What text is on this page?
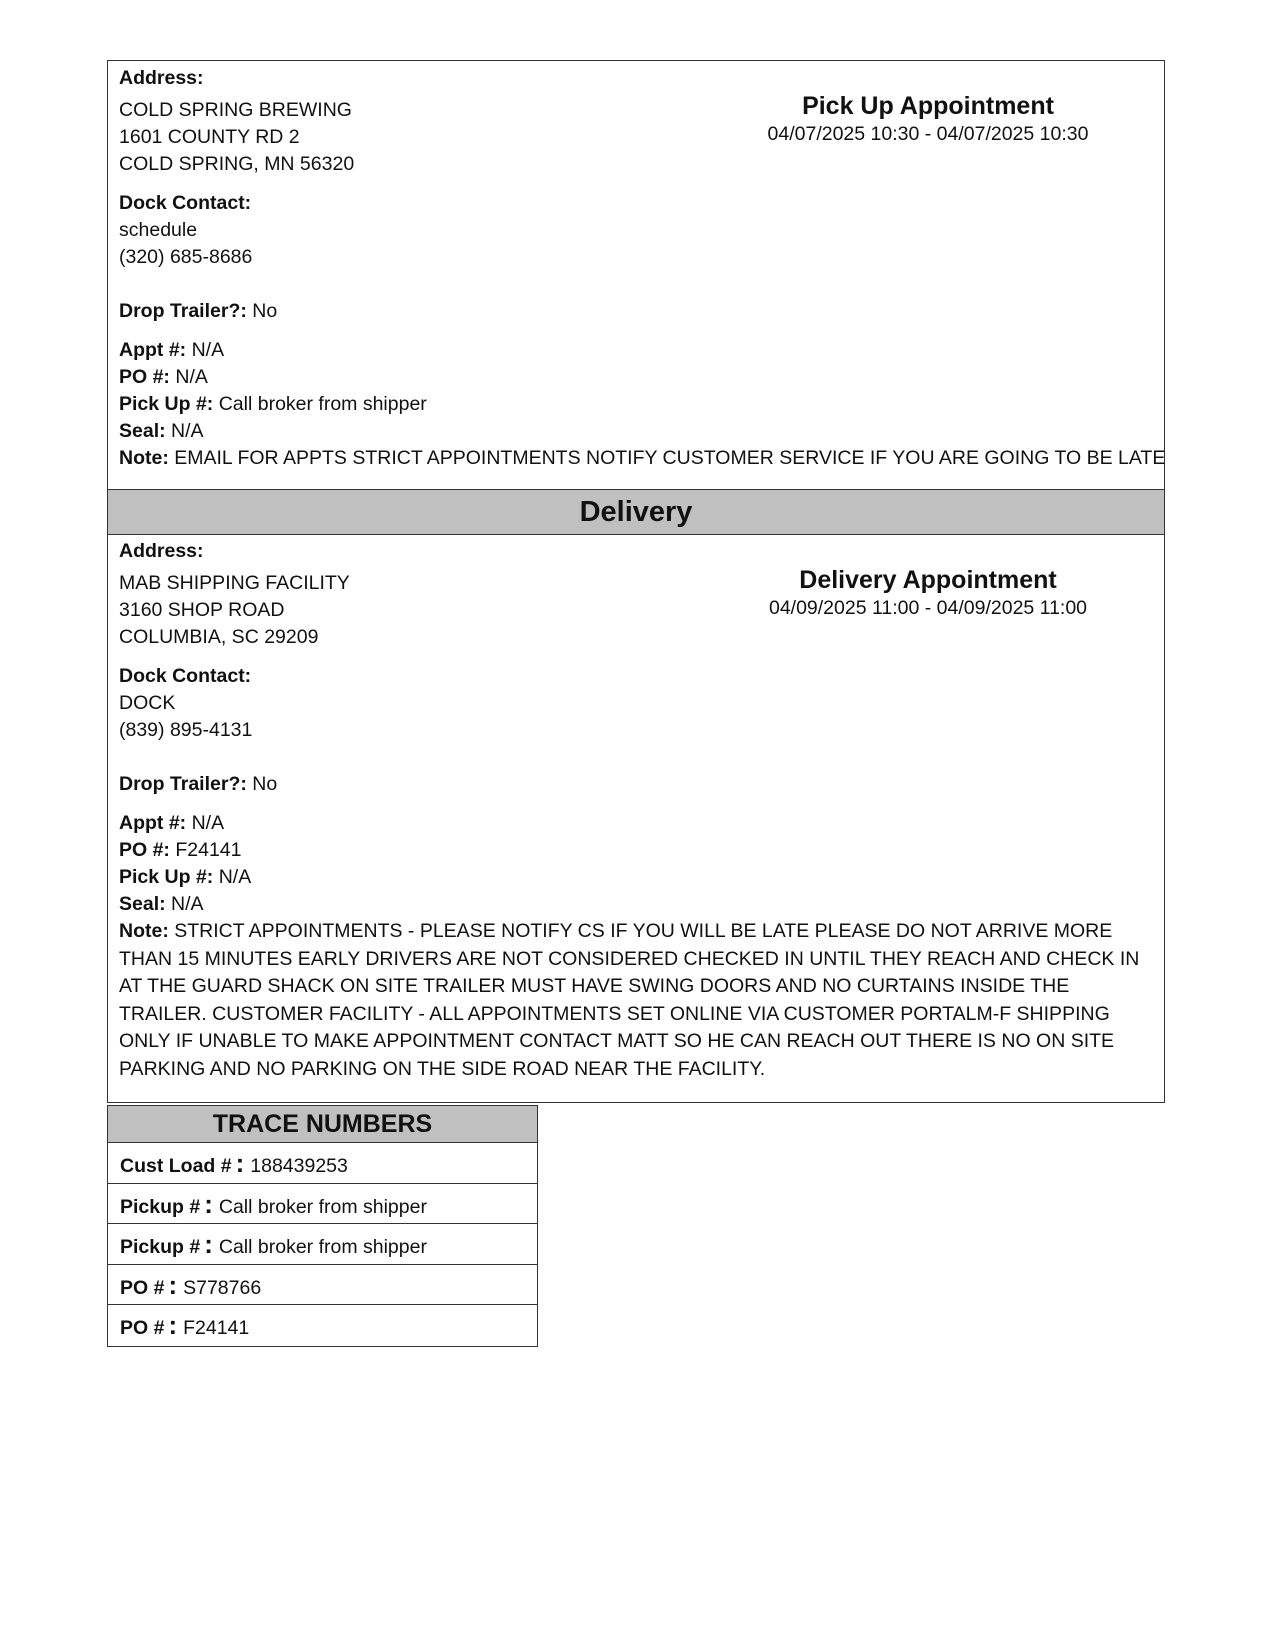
Address:
COLD SPRING BREWING
1601 COUNTY RD 2
COLD SPRING, MN 56320
Dock Contact:
schedule
(320) 685-8686
Drop Trailer?: No
Appt #: N/A
PO #: N/A
Pick Up #: Call broker from shipper
Seal: N/A
Note: EMAIL FOR APPTS STRICT APPOINTMENTS NOTIFY CUSTOMER SERVICE IF YOU ARE GOING TO BE LATE
Pick Up Appointment
04/07/2025 10:30 - 04/07/2025 10:30
Delivery
Address:
MAB SHIPPING FACILITY
3160 SHOP ROAD
COLUMBIA, SC 29209
Dock Contact:
DOCK
(839) 895-4131
Drop Trailer?: No
Appt #: N/A
PO #: F24141
Pick Up #: N/A
Seal: N/A
Note: STRICT APPOINTMENTS - PLEASE NOTIFY CS IF YOU WILL BE LATE PLEASE DO NOT ARRIVE MORE THAN 15 MINUTES EARLY DRIVERS ARE NOT CONSIDERED CHECKED IN UNTIL THEY REACH AND CHECK IN AT THE GUARD SHACK ON SITE TRAILER MUST HAVE SWING DOORS AND NO CURTAINS INSIDE THE TRAILER. CUSTOMER FACILITY - ALL APPOINTMENTS SET ONLINE VIA CUSTOMER PORTALM-F SHIPPING ONLY IF UNABLE TO MAKE APPOINTMENT CONTACT MATT SO HE CAN REACH OUT THERE IS NO ON SITE PARKING AND NO PARKING ON THE SIDE ROAD NEAR THE FACILITY.
Delivery Appointment
04/09/2025 11:00 - 04/09/2025 11:00
TRACE NUMBERS
Cust Load # : 188439253
Pickup # : Call broker from shipper
Pickup # : Call broker from shipper
PO # : S778766
PO # : F24141
